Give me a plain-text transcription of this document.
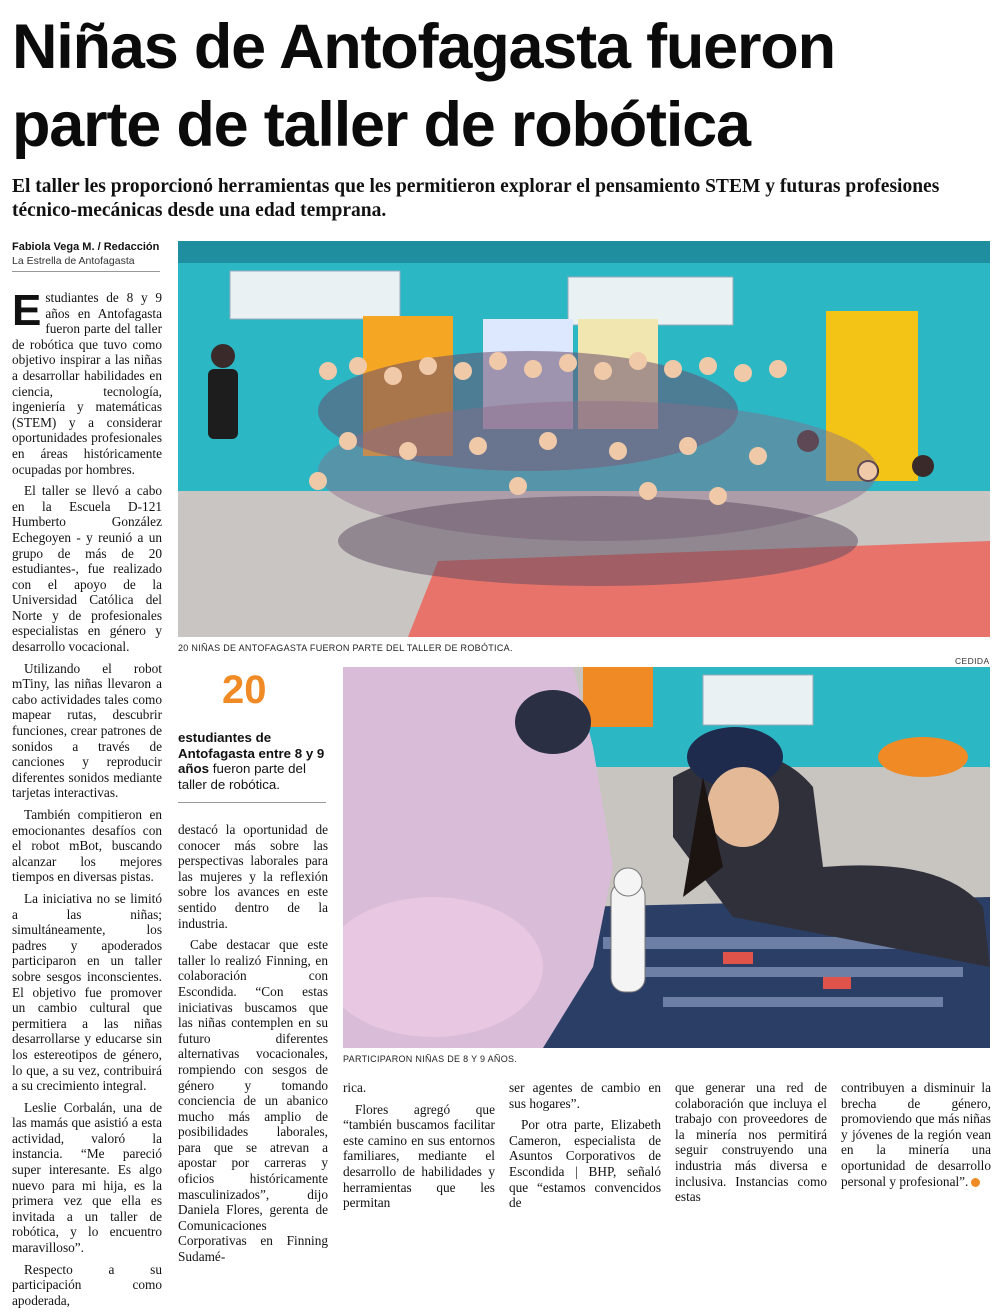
Niñas de Antofagasta fueron parte de taller de robótica

El taller les proporcionó herramientas que les permitieron explorar el pensamiento STEM y futuras profesiones técnico-mecánicas desde una edad temprana.

Fabiola Vega M. / Redacción
La Estrella de Antofagasta

Estudiantes de 8 y 9 años en Antofagasta fueron parte del taller de robótica que tuvo como objetivo inspirar a las niñas a desarrollar habilidades en ciencia, tecnología, ingeniería y matemáticas (STEM) y a considerar oportunidades profesionales en áreas históricamente ocupadas por hombres.

El taller se llevó a cabo en la Escuela D-121 Humberto González Echegoyen - y reunió a un grupo de más de 20 estudiantes-, fue realizado con el apoyo de la Universidad Católica del Norte y de profesionales especialistas en género y desarrollo vocacional.

Utilizando el robot mTiny, las niñas llevaron a cabo actividades tales como mapear rutas, descubrir funciones, crear patrones de sonidos a través de canciones y reproducir diferentes sonidos mediante tarjetas interactivas.

También compitieron en emocionantes desafíos con el robot mBot, buscando alcanzar los mejores tiempos en diversas pistas.

La iniciativa no se limitó a las niñas; simultáneamente, los padres y apoderados participaron en un taller sobre sesgos inconscientes. El objetivo fue promover un cambio cultural que permitiera a las niñas desarrollarse y educarse sin los estereotipos de género, lo que, a su vez, contribuirá a su crecimiento integral.

Leslie Corbalán, una de las mamás que asistió a esta actividad, valoró la instancia. “Me pareció super interesante. Es algo nuevo para mi hija, es la primera vez que ella es invitada a un taller de robótica, y lo encuentro maravilloso”.

Respecto a su participación como apoderada,

20 NIÑAS DE ANTOFAGASTA FUERON PARTE DEL TALLER DE ROBÓTICA.
CEDIDA
20
estudiantes de Antofagasta entre 8 y 9 años fueron parte del taller de robótica.

destacó la oportunidad de conocer más sobre las perspectivas laborales para las mujeres y la reflexión sobre los avances en este sentido dentro de la industria.

Cabe destacar que este taller lo realizó Finning, en colaboración con Escondida. “Con estas iniciativas buscamos que las niñas contemplen en su futuro diferentes alternativas vocacionales, rompiendo con sesgos de género y tomando conciencia de un abanico mucho más amplio de posibilidades laborales, para que se atrevan a apostar por carreras y oficios históricamente masculinizados”, dijo Daniela Flores, gerenta de Comunicaciones Corporativas en Finning Sudamé-

PARTICIPARON NIÑAS DE 8 Y 9 AÑOS.

rica.

Flores agregó que “también buscamos facilitar este camino en sus entornos familiares, mediante el desarrollo de habilidades y herramientas que les permitan

ser agentes de cambio en sus hogares”.

Por otra parte, Elizabeth Cameron, especialista de Asuntos Corporativos de Escondida | BHP, señaló que “estamos convencidos de

que generar una red de colaboración que incluya el trabajo con proveedores de la minería nos permitirá seguir construyendo una industria más diversa e inclusiva. Instancias como estas

contribuyen a disminuir la brecha de género, promoviendo que más niñas y jóvenes de la región vean en la minería una oportunidad de desarrollo personal y profesional”.
